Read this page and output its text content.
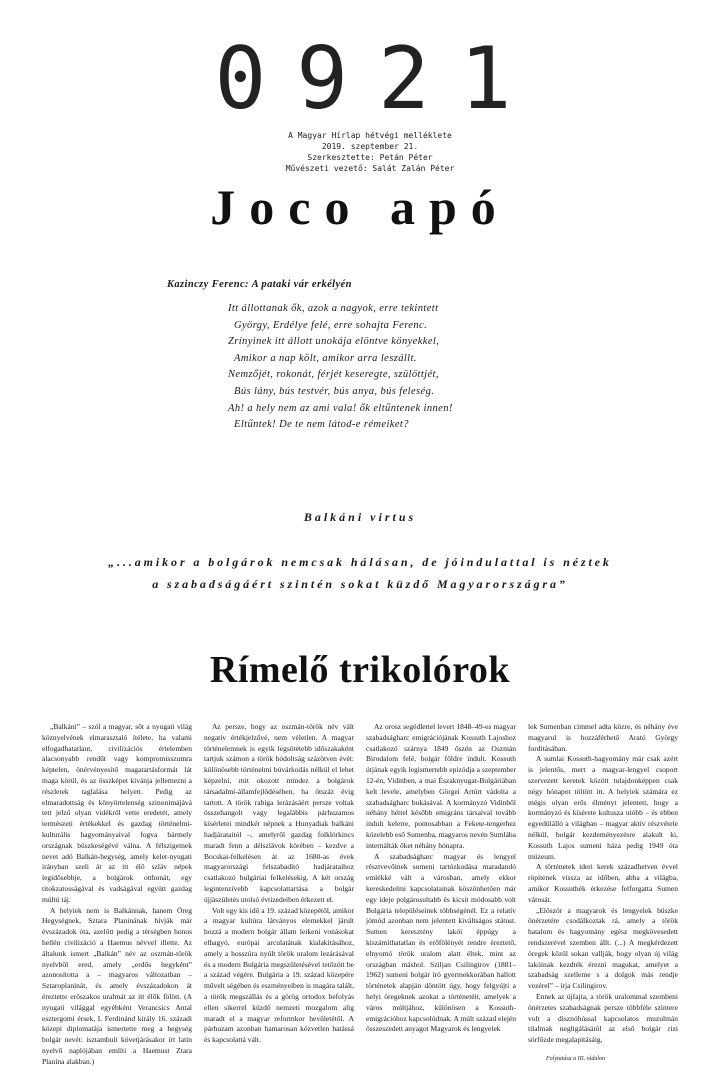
0921
A Magyar Hírlap hétvégi melléklete
2019. szeptember 21.
Szerkesztette: Petán Péter
Művészeti vezető: Salát Zalán Péter
Joco apó
Kazinczy Ferenc: A pataki vár erkélyén
Itt állottanak ők, azok a nagyok, erre tekintett
György, Erdélye felé, erre sohajta Ferenc.
Zrínyinek itt állott unokája elöntve könyekkel,
Amikor a nap költ, amikor arra leszállt.
Nemzőjét, rokonát, férjét keseregte, szülöttjét,
Bús lány, bús testvér, bús anya, bús feleség.
Ah! a hely nem az ami vala! ők eltűntenek innen!
Eltűntek! De te nem látod-e rémeiket?
Balkáni virtus
„...amikor a bolgárok nemcsak hálásan, de jóindulattal is néztek
a szabadságáért szintén sokat küzdő Magyarországra”
Rímelő trikolórok

„Balkáni” – szól a magyar, sőt a nyugati világ köznyelvének elmarasztaló ítélete, ha valami elfogadhatatlant, civilizációs értelemben alacsonyabb rendűt vagy kompromisszumra képtelen, önérvényesítő magatartásformát lát maga körül, és az összképet kívánja jellemezni a részletek taglalása helyett. Pedig az elmaradottság és könyörtelenség szinonimájává tett jelző olyan vidékről vette eredetét, amely természeti értékekkel és gazdag történelmi-kulturális hagyományaival fogva bármely országnak büszkeségévé válna. A félszigetnek nevet adó Balkán-hegység, amely kelet-nyugati irányban szeli át az itt élő szláv népek legidősebbje, a bolgárok otthonát, egy titokzatosságával és vadságával együtt gazdag múltú táj.

A helyiek nem is Balkánnak, hanem Öreg Hegységnek, Sztara Planinának hívják már évszázadok óta, azelőtt pedig a térségben honos hellén civilizáció a Haemus névvel illette. Az általunk ismert „Balkán” név az oszmán-török nyelvből ered, amely „erdős hegyként” azonosította a – magyaros változatban – Sztaroplaninát, és amely évszázadokon át éreztette erőszakos uralmát az itt élők fölött. (A nyugati világgal egyébként Verancsics Antal esztergomi érsek, I. Ferdinánd király 16. századi közepi diplomatája ismertette meg a hegység bolgár nevét: isztambuli követjárásakor írt latin nyelvű naplójában említi a Haemust Ztara Planina alakban.)

Az persze, hogy az oszmán-török név vált negatív értékjelzővé, nem véletlen. A magyar történelemnek is egyik legsötétebb időszakaként tartjuk számon a török hódoltság százötven évét: különösebb történelmi búvárkodás nélkül el lehet képzelni, mit okozott mindez a bolgárok társadalmi-államfejlődésében, ha ötszáz évig tartott. A török rabiga lerázásáért persze voltak összehangolt vagy legalábbis párhuzamos kísérletei mindkét népnek a Hunyadiak balkáni hadjárataitól –, amelyről gazdag folklórkincs maradt fenn a délszlávok körében – kezdve a Bocskai-felkelésen át az 1680-as évek magyarországi felszabadító hadjárataihoz csatlakozó bulgáriai felkelésekig. A két ország legintenzívebb kapcsolattartása a bolgár újjászületés utolsó évtizedeiben érkezett el.

Volt egy kis idő a 19. század közepétől, amikor a magyar kultúra látványos elemekkel járult hozzá a modern bolgár állam leikeni vonásokat elhagyó, európai arculatának kialakításához, amely a hosszúra nyúlt török uralom lezárásával és a modern Bulgária megszületésével tetőzött be a század végére. Bulgária a 19. század közepére művelt ségében és eszményeiben is magára talált, a török megszállás és a görög ortodox befolyás ellen sikerrel küzdő nemzeti mozgalom alig maradt el a magyar reformkor hevületétől. A párhuzam azonban hamarosan közvetlen hatássá és kapcsolattá vált.

Az orosz segédlettel levert 1848–49-es magyar szabadságharc emigrációjának Kossuth Lajoshoz csatlakozó szárnya 1849 őszén az Oszmán Birodalom felé, bolgár földre indult. Kossuth útjának egyik legismertebb epizódja a szeptember 12-én, Vidinben, a mai Északnyugat-Bulgáriában kelt levele, amelyben Görgei Artúrt vádolta a szabadságharc bukásával. A kormányzó Vidinből néhány héttel később emigráns társaival tovább indult keletre, pontosabban a Fekete-tengerhez közelebb eső Sumenba, magyaros nevén Sumlába internálták őket néhány hónapra.

A szabadságharc magyar és lengyel résztvevőinek sumeni tartózkodása maradandó emlékké vált a városban, amely ekkor kereskedelmi kapcsolatainak köszönhetően már egy ideje polgárosultabb és kicsit módosabb volt Bulgária településeinek többségénél. Ez a relatív jómód azonban nem jelentett kiváltságos státust. Sumen keresztény lakói éppúgy a kiszámíthatatlan és erőfölényét rendre éreztető, elnyomó török uralom alatt éltek, mint az országban máshol. Sziljan Csilingirov (1881–1962) sumeni bolgár író gyermekkorában hallott történetek alapján döntött úgy, hogy felgyújti a helyi öregeknek azokat a történetéit, amelyek a város múltjához, különösen a Kossuth-emigrációhoz kapcsolódnak. A múlt század elején összeszedett anyagot Magyarok és lengyelek

lek Sumenban címmel adta közre, és néhány éve magyarul is hozzáférhető Arató György fordításában.

A sumlai Kossuth-hagyomány már csak azért is jelentős, mert a magyar-lengyel csoport szervezett keretek között tulajdonképpen csak négy hónapot töltött itt. A helyiek számára ez mégis olyan erős élményt jelentett, hogy a kormányzó és kísérete kultusza utóbb – és ebben egyedülálló a világban – magyar aktív részvétele nélkül, bolgár kezdeményezésre alakult ki, Kossuth Lajos sumeni háza pedig 1949 óta múzeum.

A történetek ideri kerek századhetven évvel röpitenek vissza az időben, abba a világba, amikor Kossuthék érkezése felforgatta Sumen városát.

„Először a magyarok és lengyelek büszke önérzetére csodálkoztak rá, amely a török hatalom és hagyomány egész megkövesedett rendszerével szemben állt. (...) A megkérdezett öregek közül sokan vallják, hogy olyan új világ lakóinak kezdték érezni magukat, amelyet a szabadság szelleme s a dolgok más rendje vezérel” – írja Csilingirov.

Ennek az újfajta, a török uralommal szembeni önérzetes szabadságnak persze többféle szintere volt a disznóhússal kapcsolatos muzulmán tilalmak negligálásától az első bolgár rizi sörfőzde megalapításáig.

Folytatása a III. oldalon
